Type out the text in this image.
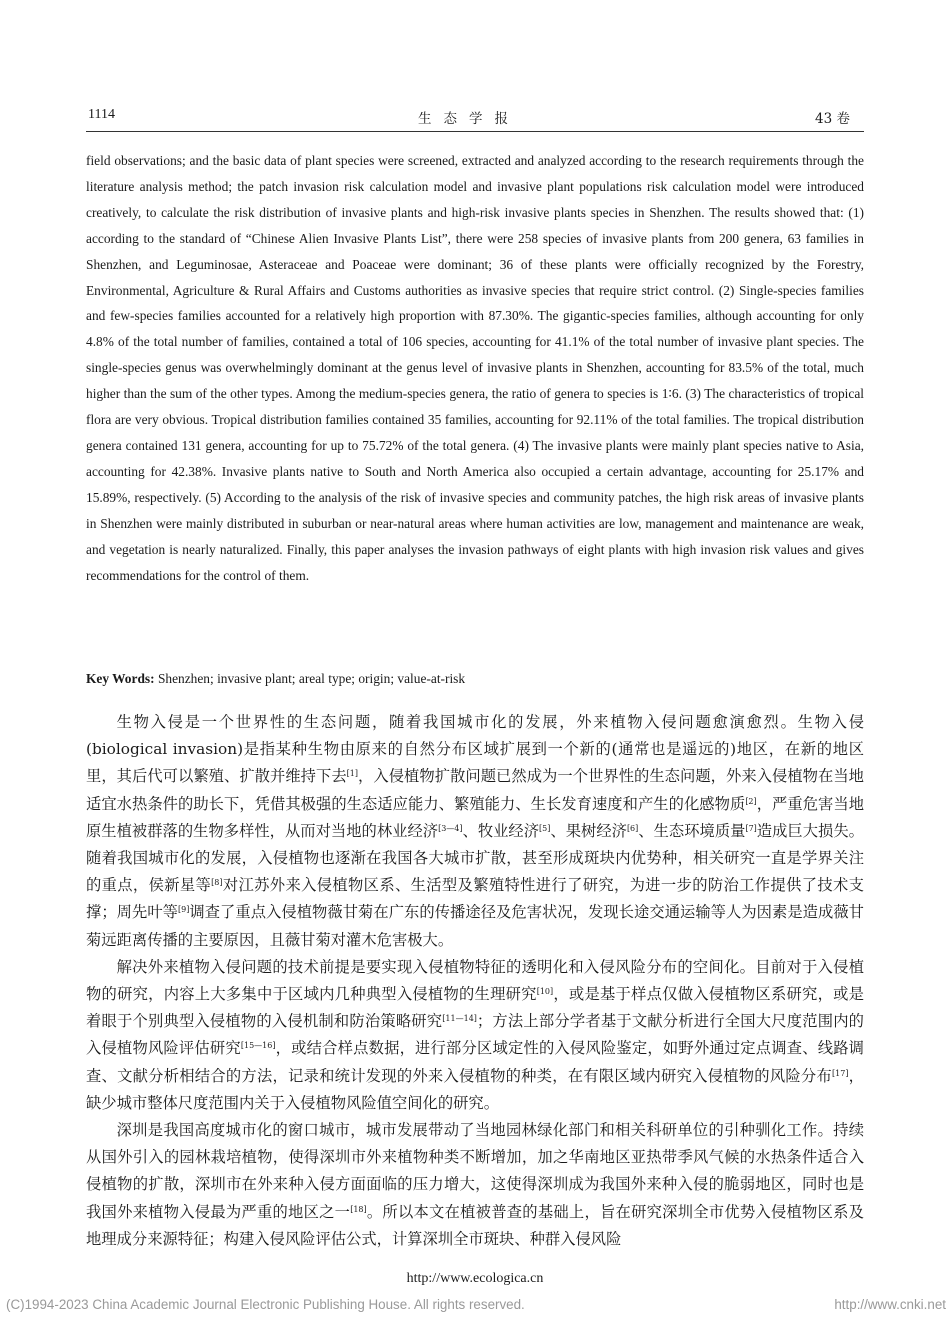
1114	生态学报	43 卷
field observations; and the basic data of plant species were screened, extracted and analyzed according to the research requirements through the literature analysis method; the patch invasion risk calculation model and invasive plant populations risk calculation model were introduced creatively, to calculate the risk distribution of invasive plants and high-risk invasive plants species in Shenzhen. The results showed that: (1) according to the standard of “Chinese Alien Invasive Plants List”, there were 258 species of invasive plants from 200 genera, 63 families in Shenzhen, and Leguminosae, Asteraceae and Poaceae were dominant; 36 of these plants were officially recognized by the Forestry, Environmental, Agriculture & Rural Affairs and Customs authorities as invasive species that require strict control. (2) Single-species families and few-species families accounted for a relatively high proportion with 87.30%. The gigantic-species families, although accounting for only 4.8% of the total number of families, contained a total of 106 species, accounting for 41.1% of the total number of invasive plant species. The single-species genus was overwhelmingly dominant at the genus level of invasive plants in Shenzhen, accounting for 83.5% of the total, much higher than the sum of the other types. Among the medium-species genera, the ratio of genera to species is 1∶6. (3) The characteristics of tropical flora are very obvious. Tropical distribution families contained 35 families, accounting for 92.11% of the total families. The tropical distribution genera contained 131 genera, accounting for up to 75.72% of the total genera. (4) The invasive plants were mainly plant species native to Asia, accounting for 42.38%. Invasive plants native to South and North America also occupied a certain advantage, accounting for 25.17% and 15.89%, respectively. (5) According to the analysis of the risk of invasive species and community patches, the high risk areas of invasive plants in Shenzhen were mainly distributed in suburban or near-natural areas where human activities are low, management and maintenance are weak, and vegetation is nearly naturalized. Finally, this paper analyses the invasion pathways of eight plants with high invasion risk values and gives recommendations for the control of them.
Key Words: Shenzhen; invasive plant; areal type; origin; value-at-risk

生物入侵是一个世界性的生态问题，随着我国城市化的发展，外来植物入侵问题愈演愈烈。生物入侵(biological invasion)是指某种生物由原来的自然分布区域扩展到一个新的(通常也是遥远的)地区，在新的地区里，其后代可以繁殖、扩散并维持下去[1]，入侵植物扩散问题已然成为一个世界性的生态问题，外来入侵植物在当地适宜水热条件的助长下，凭借其极强的生态适应能力、繁殖能力、生长发育速度和产生的化感物质[2]，严重危害当地原生植被群落的生物多样性，从而对当地的林业经济[3—4]、牧业经济[5]、果树经济[6]、生态环境质量[7]造成巨大损失。随着我国城市化的发展，入侵植物也逐渐在我国各大城市扩散，甚至形成斑块内优势种，相关研究一直是学界关注的重点，侯新星等[8]对江苏外来入侵植物区系、生活型及繁殖特性进行了研究，为进一步的防治工作提供了技术支撑；周先叶等[9]调查了重点入侵植物薇甘菊在广东的传播途径及危害状况，发现长途交通运输等人为因素是造成薇甘菊远距离传播的主要原因，且薇甘菊对灌木危害极大。

解决外来植物入侵问题的技术前提是要实现入侵植物特征的透明化和入侵风险分布的空间化。目前对于入侵植物的研究，内容上大多集中于区域内几种典型入侵植物的生理研究[10]，或是基于样点仅做入侵植物区系研究，或是着眼于个别典型入侵植物的入侵机制和防治策略研究[11—14]；方法上部分学者基于文献分析进行全国大尺度范围内的入侵植物风险评估研究[15—16]，或结合样点数据，进行部分区域定性的入侵风险鉴定，如野外通过定点调查、线路调查、文献分析相结合的方法，记录和统计发现的外来入侵植物的种类，在有限区域内研究入侵植物的风险分布[17]，缺少城市整体尺度范围内关于入侵植物风险值空间化的研究。

深圳是我国高度城市化的窗口城市，城市发展带动了当地园林绿化部门和相关科研单位的引种驯化工作。持续从国外引入的园林栽培植物，使得深圳市外来植物种类不断增加，加之华南地区亚热带季风气候的水热条件适合入侵植物的扩散，深圳市在外来种入侵方面面临的压力增大，这使得深圳成为我国外来种入侵的脆弱地区，同时也是我国外来植物入侵最为严重的地区之一[18]。所以本文在植被普查的基础上，旨在研究深圳全市优势入侵植物区系及地理成分来源特征；构建入侵风险评估公式，计算深圳全市斑块、种群入侵风险

http://www.ecologica.cn
(C)1994-2023 China Academic Journal Electronic Publishing House. All rights reserved.	http://www.cnki.net
